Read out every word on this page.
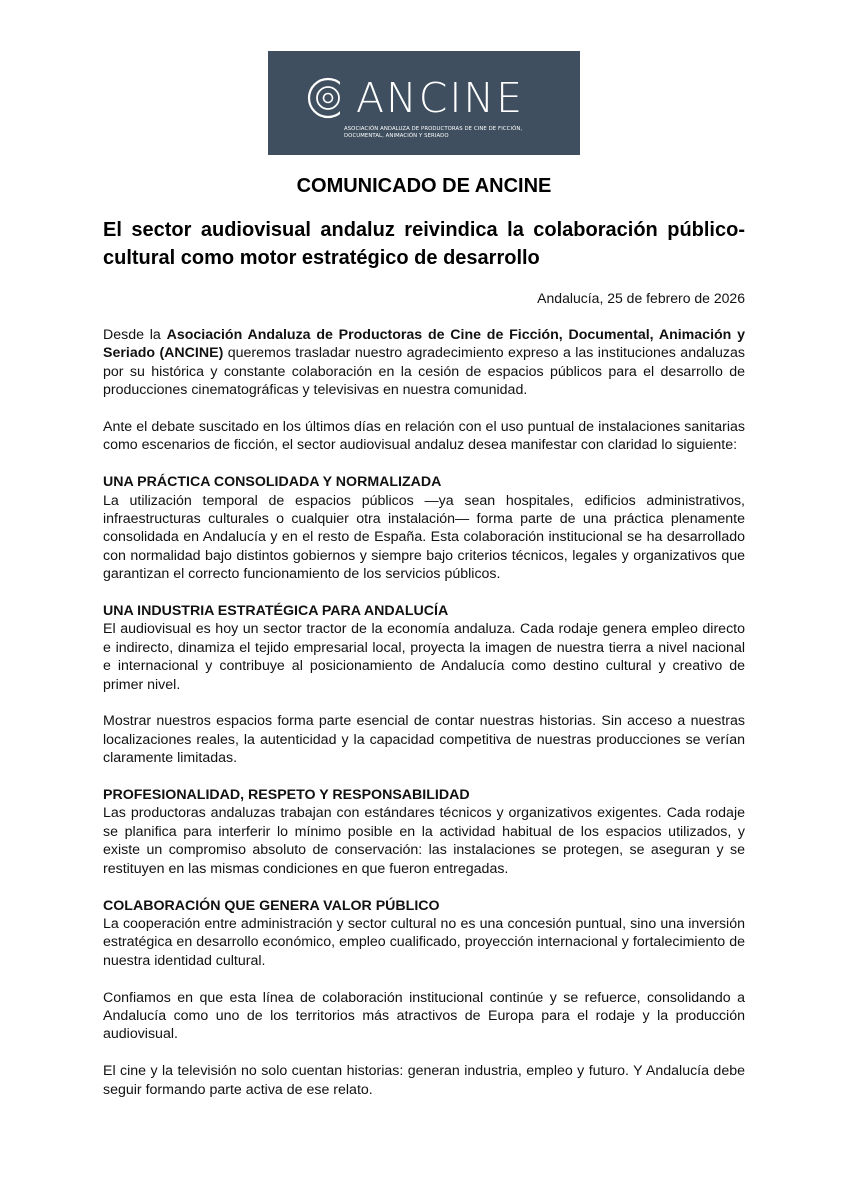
ANCINE
ASOCIACIÓN ANDALUZA DE PRODUCTORAS DE CINE DE FICCIÓN,
DOCUMENTAL, ANIMACIÓN Y SERIADO
COMUNICADO DE ANCINE
El sector audiovisual andaluz reivindica la colaboración público-cultural como motor estratégico de desarrollo
Andalucía, 25 de febrero de 2026

Desde la Asociación Andaluza de Productoras de Cine de Ficción, Documental, Animación y Seriado (ANCINE) queremos trasladar nuestro agradecimiento expreso a las instituciones andaluzas por su histórica y constante colaboración en la cesión de espacios públicos para el desarrollo de producciones cinematográficas y televisivas en nuestra comunidad.

Ante el debate suscitado en los últimos días en relación con el uso puntual de instalaciones sanitarias como escenarios de ficción, el sector audiovisual andaluz desea manifestar con claridad lo siguiente:

UNA PRÁCTICA CONSOLIDADA Y NORMALIZADA

La utilización temporal de espacios públicos —ya sean hospitales, edificios administrativos, infraestructuras culturales o cualquier otra instalación— forma parte de una práctica plenamente consolidada en Andalucía y en el resto de España. Esta colaboración institucional se ha desarrollado con normalidad bajo distintos gobiernos y siempre bajo criterios técnicos, legales y organizativos que garantizan el correcto funcionamiento de los servicios públicos.

UNA INDUSTRIA ESTRATÉGICA PARA ANDALUCÍA

El audiovisual es hoy un sector tractor de la economía andaluza. Cada rodaje genera empleo directo e indirecto, dinamiza el tejido empresarial local, proyecta la imagen de nuestra tierra a nivel nacional e internacional y contribuye al posicionamiento de Andalucía como destino cultural y creativo de primer nivel.

Mostrar nuestros espacios forma parte esencial de contar nuestras historias. Sin acceso a nuestras localizaciones reales, la autenticidad y la capacidad competitiva de nuestras producciones se verían claramente limitadas.

PROFESIONALIDAD, RESPETO Y RESPONSABILIDAD

Las productoras andaluzas trabajan con estándares técnicos y organizativos exigentes. Cada rodaje se planifica para interferir lo mínimo posible en la actividad habitual de los espacios utilizados, y existe un compromiso absoluto de conservación: las instalaciones se protegen, se aseguran y se restituyen en las mismas condiciones en que fueron entregadas.

COLABORACIÓN QUE GENERA VALOR PÚBLICO

La cooperación entre administración y sector cultural no es una concesión puntual, sino una inversión estratégica en desarrollo económico, empleo cualificado, proyección internacional y fortalecimiento de nuestra identidad cultural.

Confiamos en que esta línea de colaboración institucional continúe y se refuerce, consolidando a Andalucía como uno de los territorios más atractivos de Europa para el rodaje y la producción audiovisual.

El cine y la televisión no solo cuentan historias: generan industria, empleo y futuro. Y Andalucía debe seguir formando parte activa de ese relato.
